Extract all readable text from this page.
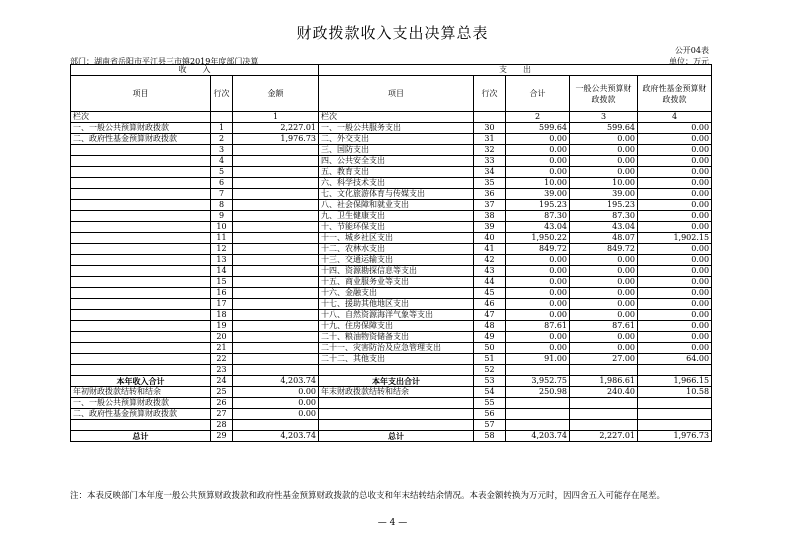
财政拨款收入支出决算总表
公开04表
部门：湖南省岳阳市平江县三市镇2019年度部门决算	单位：万元
收　　入			支　　出				
项目	行次	金额	项目	行次	合计	一般公共预算财政拨款	政府性基金预算财政拨款
栏次		1	栏次		2	3	4
一、一般公共预算财政拨款	1	2,227.01	一、一般公共服务支出	30	599.64	599.64	0.00
二、政府性基金预算财政拨款	2	1,976.73	二、外交支出	31	0.00	0.00	0.00
	3		三、国防支出	32	0.00	0.00	0.00
	4		四、公共安全支出	33	0.00	0.00	0.00
	5		五、教育支出	34	0.00	0.00	0.00
	6		六、科学技术支出	35	10.00	10.00	0.00
	7		七、文化旅游体育与传媒支出	36	39.00	39.00	0.00
	8		八、社会保障和就业支出	37	195.23	195.23	0.00
	9		九、卫生健康支出	38	87.30	87.30	0.00
	10		十、节能环保支出	39	43.04	43.04	0.00
	11		十一、城乡社区支出	40	1,950.22	48.07	1,902.15
	12		十二、农林水支出	41	849.72	849.72	0.00
	13		十三、交通运输支出	42	0.00	0.00	0.00
	14		十四、资源勘探信息等支出	43	0.00	0.00	0.00
	15		十五、商业服务业等支出	44	0.00	0.00	0.00
	16		十六、金融支出	45	0.00	0.00	0.00
	17		十七、援助其他地区支出	46	0.00	0.00	0.00
	18		十八、自然资源海洋气象等支出	47	0.00	0.00	0.00
	19		十九、住房保障支出	48	87.61	87.61	0.00
	20		二十、粮油物资储备支出	49	0.00	0.00	0.00
	21		二十一、灾害防治及应急管理支出	50	0.00	0.00	0.00
	22		二十二、其他支出	51	91.00	27.00	64.00
	23			52			
本年收入合计	24	4,203.74	本年支出合计	53	3,952.75	1,986.61	1,966.15
年初财政拨款结转和结余	25	0.00	年末财政拨款结转和结余	54	250.98	240.40	10.58
一、一般公共预算财政拨款	26	0.00		55			
二、政府性基金预算财政拨款	27	0.00		56			
	28			57			
总计	29	4,203.74	总计	58	4,203.74	2,227.01	1,976.73
注：本表反映部门本年度一般公共预算财政拨款和政府性基金预算财政拨款的总收支和年末结转结余情况。本表金额转换为万元时，因四舍五入可能存在尾差。
— 4 —
